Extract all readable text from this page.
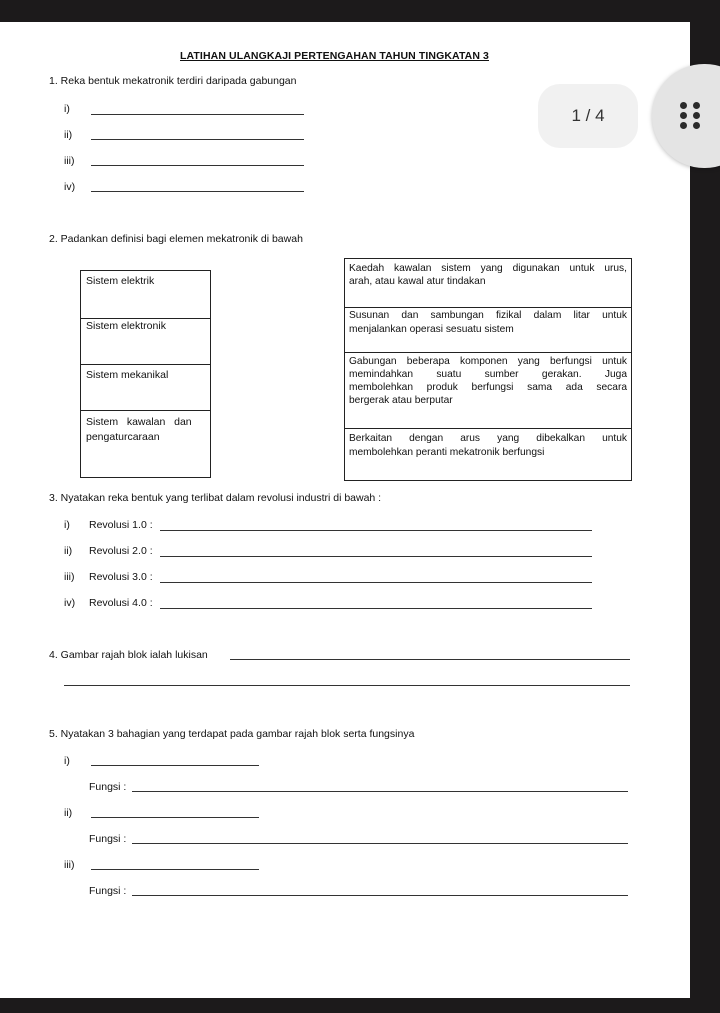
LATIHAN ULANGKAJI PERTENGAHAN TAHUN TINGKATAN 3
1. Reka bentuk mekatronik terdiri daripada gabungan
i)
ii)
iii)
iv)
2. Padankan definisi bagi elemen mekatronik di bawah
Sistem elektrik
Sistem elektronik
Sistem mekanikal
Sistem   kawalan   dan
pengaturcaraan
Kaedah kawalan sistem yang digunakan untuk urus,
arah, atau kawal atur tindakan
Susunan dan sambungan fizikal dalam litar untuk
menjalankan operasi sesuatu sistem
Gabungan beberapa komponen yang berfungsi untuk
memindahkan suatu sumber gerakan. Juga
membolehkan produk berfungsi sama ada secara
bergerak atau berputar
Berkaitan dengan arus yang dibekalkan untuk
membolehkan peranti mekatronik berfungsi
3. Nyatakan reka bentuk yang terlibat dalam revolusi industri di bawah :
i) Revolusi 1.0 :
ii) Revolusi 2.0 :
iii) Revolusi 3.0 :
iv) Revolusi 4.0 :
4. Gambar rajah blok ialah lukisan
5. Nyatakan 3 bahagian yang terdapat pada gambar rajah blok serta fungsinya
i)
Fungsi :
ii)
Fungsi :
iii)
Fungsi :
1 / 4
